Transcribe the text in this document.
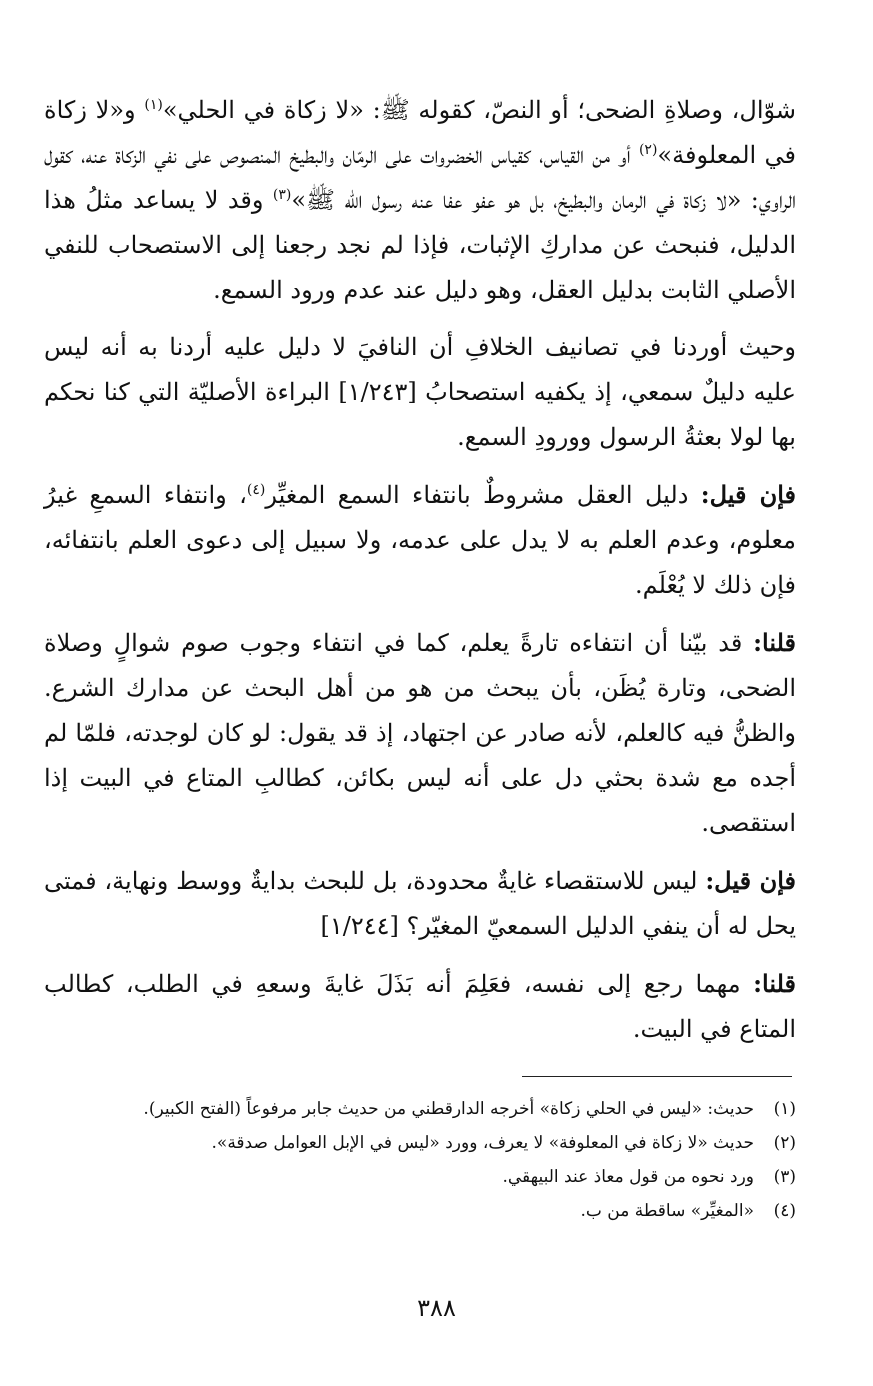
شوّال، وصلاةِ الضحى؛ أو النصّ، كقوله ﷺ: «لا زكاة في الحلي»$^{(١)}$ و«لا زكاة في المعلوفة»$^{(٢)}$ أو من القياس، كقياس الخضروات على الرمّان والبطيخ المنصوص على نفي الزكاة عنه، كقول الراوي: «لا زكاة في الرمان والبطيخ، بل هو عفو عفا عنه رسول الله ﷺ»$^{(٣)}$ وقد لا يساعد مثلُ هذا الدليل، فنبحث عن مداركِ الإثبات، فإذا لم نجد رجعنا إلى الاستصحاب للنفي الأصلي الثابت بدليل العقل، وهو دليل عند عدم ورود السمع.

وحيث أوردنا في تصانيف الخلافِ أن النافيَ لا دليل عليه أردنا به أنه ليس عليه دليلٌ سمعي، إذ يكفيه استصحابُ [١/٢٤٣] البراءة الأصليّة التي كنا نحكم بها لولا بعثةُ الرسول وورودِ السمع.

فإن قيل: دليل العقل مشروطٌ بانتفاء السمع المغيِّر$^{(٤)}$، وانتفاء السمعِ غيرُ معلوم، وعدم العلم به لا يدل على عدمه، ولا سبيل إلى دعوى العلم بانتفائه، فإن ذلك لا يُعْلَم.

قلنا: قد بيّنا أن انتفاءه تارةً يعلم، كما في انتفاء وجوب صوم شوالٍ وصلاة الضحى، وتارة يُظَن، بأن يبحث من هو من أهل البحث عن مدارك الشرع. والظنُّ فيه كالعلم، لأنه صادر عن اجتهاد، إذ قد يقول: لو كان لوجدته، فلمّا لم أجده مع شدة بحثي دل على أنه ليس بكائن، كطالبِ المتاع في البيت إذا استقصى.

فإن قيل: ليس للاستقصاء غايةٌ محدودة، بل للبحث بدايةٌ ووسط ونهاية، فمتى يحل له أن ينفي الدليل السمعيّ المغيّر؟ [١/٢٤٤]

قلنا: مهما رجع إلى نفسه، فعَلِمَ أنه بَذَلَ غايةَ وسعهِ في الطلب، كطالب المتاع في البيت.

(١)
حديث: «ليس في الحلي زكاة» أخرجه الدارقطني من حديث جابر مرفوعاً (الفتح الكبير).
(٢)
حديث «لا زكاة في المعلوفة» لا يعرف، وورد «ليس في الإبل العوامل صدقة».
(٣)
ورد نحوه من قول معاذ عند البيهقي.
(٤)
«المغيِّر» ساقطة من ب.
٣٨٨
